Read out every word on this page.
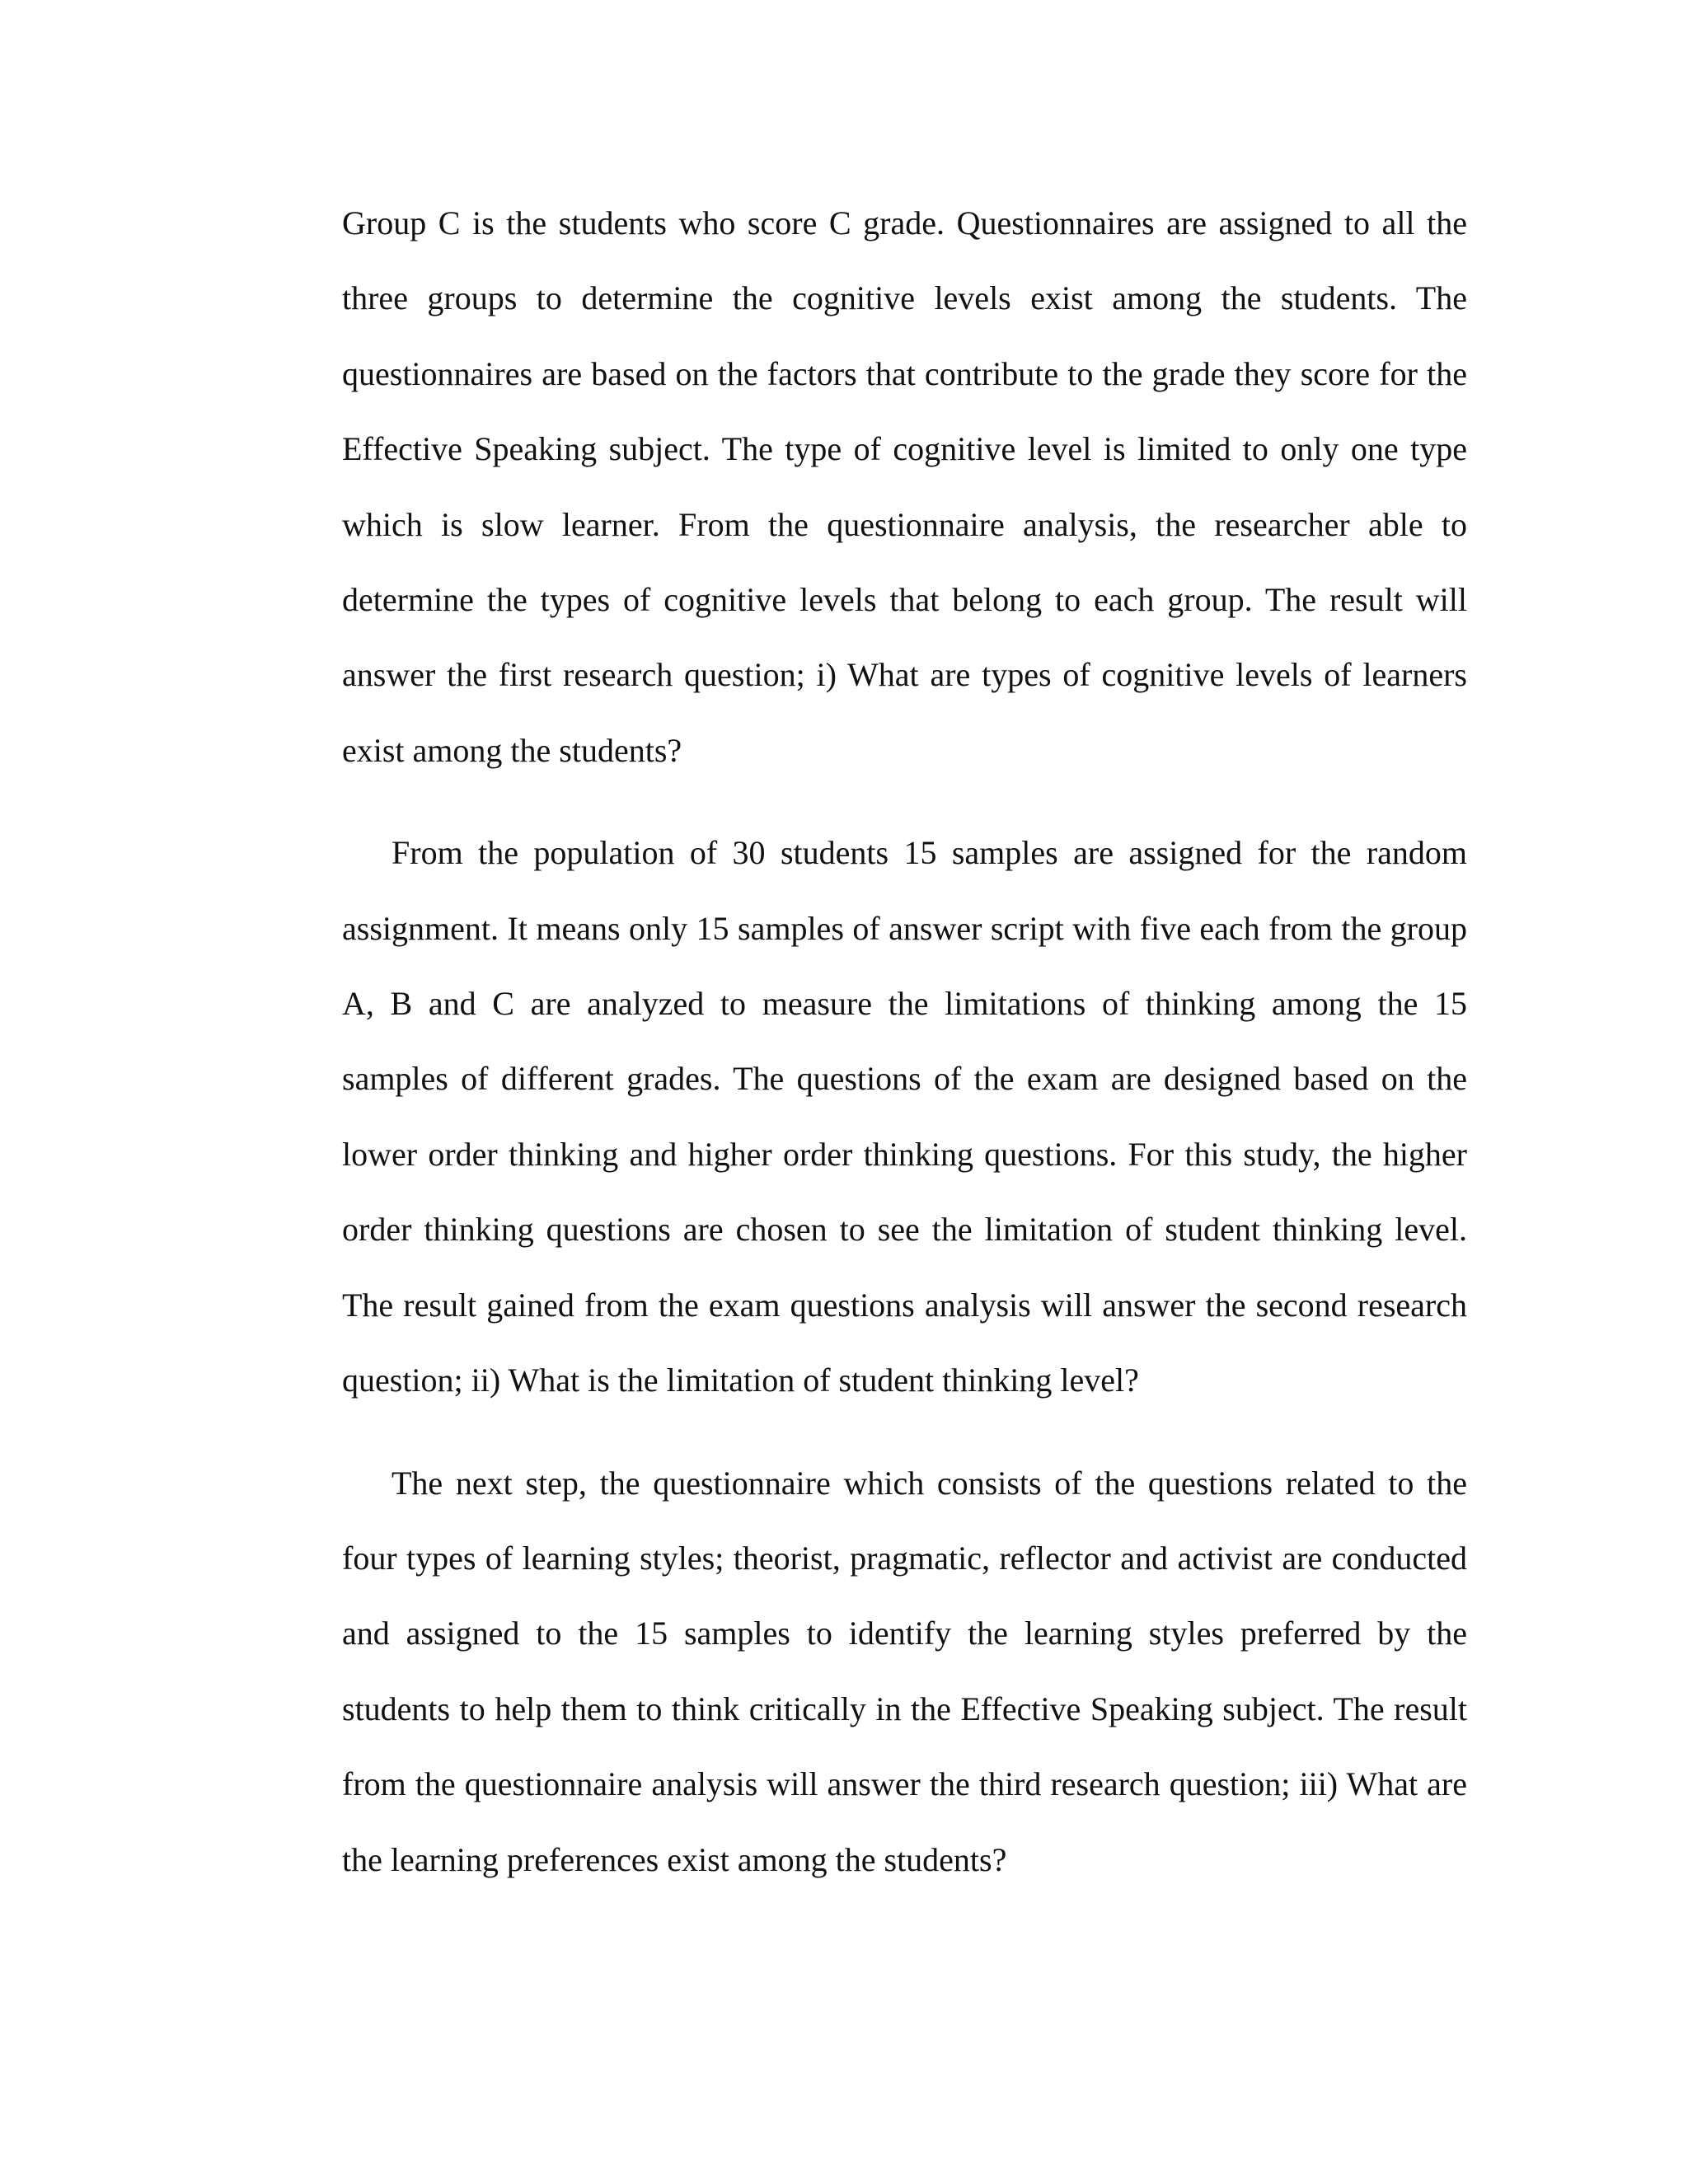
Group C is the students who score C grade. Questionnaires are assigned to all the three groups to determine the cognitive levels exist among the students. The questionnaires are based on the factors that contribute to the grade they score for the Effective Speaking subject. The type of cognitive level is limited to only one type which is slow learner. From the questionnaire analysis, the researcher able to determine the types of cognitive levels that belong to each group. The result will answer the first research question; i) What are types of cognitive levels of learners exist among the students?

From the population of 30 students 15 samples are assigned for the random assignment. It means only 15 samples of answer script with five each from the group A, B and C are analyzed to measure the limitations of thinking among the 15 samples of different grades. The questions of the exam are designed based on the lower order thinking and higher order thinking questions. For this study, the higher order thinking questions are chosen to see the limitation of student thinking level. The result gained from the exam questions analysis will answer the second research question; ii) What is the limitation of student thinking level?

The next step, the questionnaire which consists of the questions related to the four types of learning styles; theorist, pragmatic, reflector and activist are conducted and assigned to the 15 samples to identify the learning styles preferred by the students to help them to think critically in the Effective Speaking subject. The result from the questionnaire analysis will answer the third research question; iii) What are the learning preferences exist among the students?
